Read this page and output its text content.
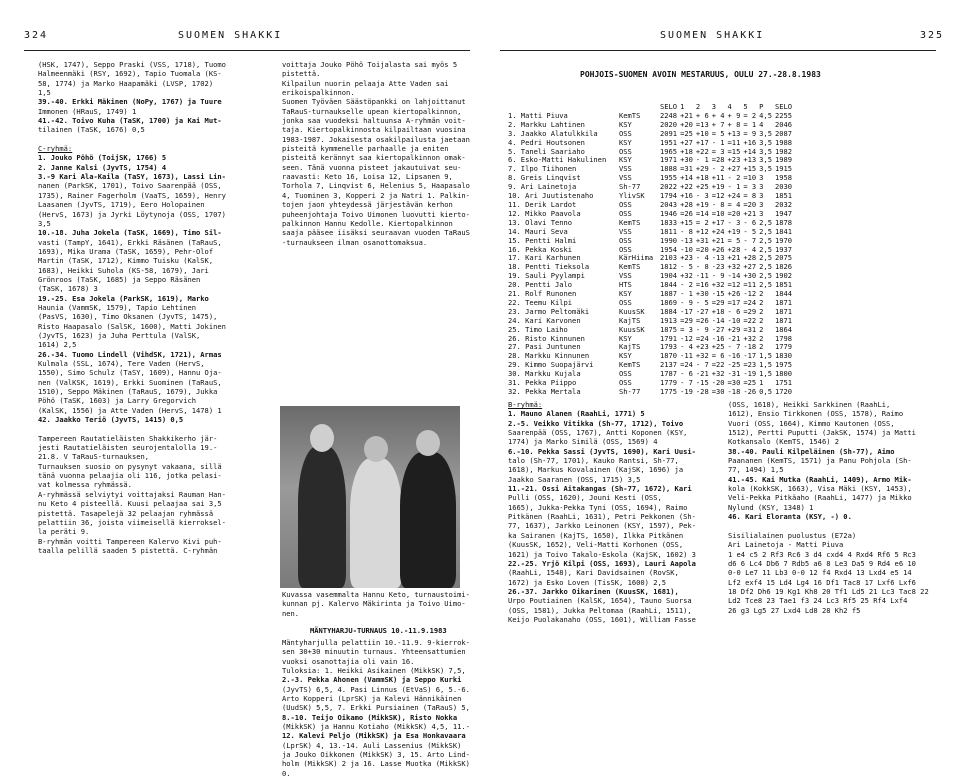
324	SUOMEN SHAKKI	SUOMEN SHAKKI	325

(HSK, 1747), Seppo Praski (VSS, 1718), Tuomo

Halmeenmäki (RSY, 1692), Tapio Tuomala (KS-

58, 1774) ja Marko Haapamäki (LVSP, 1702)

1,5

39.-40. Erkki Mäkinen (NoPy, 1767) ja Tuure

Immonen (HRauS, 1749) 1

41.-42. Toivo Kuha (TaSK, 1700) ja Kai Mut-

tilainen (TaSK, 1676) 0,5

C-ryhmä:

1. Jouko Pöhö (ToijSK, 1766) 5

2. Janne Kalsi (JyvTS, 1754) 4

3.-9 Kari Ala-Kaila (TaSY, 1673), Lassi Lin-

nanen (ParkSK, 1701), Toivo Saarenpää (OSS,

1735), Rainer Fagerholm (VaaTS, 1659), Henry

Laasanen (JyvTS, 1719), Eero Holopainen

(HervS, 1673) ja Jyrki Löytynoja (OSS, 1707)

3,5

10.-18. Juha Jokela (TaSK, 1669), Timo Sil-

vasti (TampY, 1641), Erkki Räsänen (TaRauS,

1693), Mika Urama (TaSK, 1659), Pehr-Olof

Martin (TaSK, 1712), Kimmo Tuisku (KalSK,

1683), Heikki Suhola (KS-58, 1679), Jari

Grönroos (TaSK, 1685) ja Seppo Räsänen

(TaSK, 1678) 3

19.-25. Esa Jokela (ParkSK, 1619), Marko

Haunia (VammSK, 1579), Tapio Lehtinen

(PasVS, 1630), Timo Oksanen (JyvTS, 1475),

Risto Haapasalo (SalSK, 1600), Matti Jokinen

(JyvTS, 1623) ja Juha Perttula (ValSK,

1614) 2,5

26.-34. Tuomo Lindell (VihdSK, 1721), Armas

Kulmala (SSL, 1674), Tere Vaden (HervS,

1550), Simo Schulz (TaSY, 1609), Hannu Oja-

nen (ValKSK, 1619), Erkki Suominen (TaRauS,

1510), Seppo Mäkinen (TaRauS, 1679), Jukka

Pöhö (TaSK, 1603) ja Larry Gregorvich

(KalSK, 1556) ja Atte Vaden (HervS, 1478) 1

42. Jaakko Teriö (JyvTS, 1415) 0,5

Tampereen Rautatieläisten Shakkikerho jär-

jesti Rautatieläisten seurojentalolla 19.-

21.8. V TaRauS-turnauksen,

Turnauksen suosio on pysynyt vakaana, sillä

tänä vuonna pelaajia oli 116, jotka pelasi-

vat kolmessa ryhmässä.

A-ryhmässä selviytyi voittajaksi Rauman Han-

nu Keto 4 pisteellä. Kuusi pelaajaa sai 3,5

pistettä. Tasapelejä 32 pelaajan ryhmässä

pelattiin 36, joista viimeisellä kierroksel-

la peräti 9.

B-ryhmän voitti Tampereen Kalervo Kivi puh-

taalla pelillä saaden 5 pistettä. C-ryhmän

voittaja Jouko Pöhö Toijalasta sai myös 5

pistettä.

Kilpailun nuorin pelaaja Atte Vaden sai

erikoispalkinnon.

Suomen Työväen Säästöpankki on lahjoittanut

TaRauS-turnaukselle upean kiertopalkinnon,

jonka saa vuodeksi haltuunsa A-ryhmän voit-

taja. Kiertopalkinnosta kilpailtaan vuosina

1983-1987. Jokaisesta osakilpailusta jaetaan

pisteitä kymmenelle parhaalle ja eniten

pisteitä kerännyt saa kiertopalkinnon omak-

seen. Tänä vuonna pisteet jakautuivat seu-

raavasti: Keto 16, Loisa 12, Lipsanen 9,

Torhola 7, Linqvist 6, Helenius 5, Haapasalo

4, Tuominen 3, Kopperi 2 ja Natri 1. Palkin-

tojen jaon yhteydessä järjestävän kerhon

puheenjohtaja Toivo Uimonen luovutti kierto-

palkinnon Hannu Kedolle. Kiertopalkinnon

saaja pääsee iisäksi seuraavan vuoden TaRauS

-turnaukseen ilman osanottomaksua.

Kuvassa vasemmalta Hannu Keto, turnaustoimi-

kunnan pj. Kalervo Mäkirinta ja Toivo Uimo-

nen.

MÄNTYHARJU-TURNAUS 10.-11.9.1983

Mäntyharjulla pelattiin 10.-11.9. 9-kierrok-

sen 30+30 minuutin turnaus. Yhteensattumien

vuoksi osanottajia oli vain 16.

Tuloksia: 1. Heikki Asikainen (MikkSK) 7,5,

2.-3. Pekka Ahonen (VammSK) ja Seppo Kurki

(JyvTS) 6,5, 4. Pasi Linnus (EtVaS) 6, 5.-6.

Arto Kopperi (LprSK) ja Kalevi Hännikäinen

(UudSK) 5,5, 7. Erkki Pursiainen (TaRauS) 5,

8.-10. Teijo Oikamo (MikkSK), Risto Nokka

(MikkSK) ja Hannu Kotiaho (MikkSK) 4,5, 11.-

12. Kalevi Peljo (MikkSK) ja Esa Honkavaara

(LprSK) 4, 13.-14. Auli Lassenius (MikkSK)

ja Jouko Oikkonen (MikkSK) 3, 15. Arto Lind-

holm (MikkSK) 2 ja 16. Lasse Muotka (MikkSK)

0.

POHJOIS-SUOMEN AVOIN MESTARUUS, OULU 27.-28.8.1983
		SELO	1	2	3	4	5	P	SELO
1. Matti Piuva	KemTS	2248	+21	+ 6	+ 4	+ 9	= 2	4,5	2255
2. Markku Lahtinen	KSY	2020	+20	=13	+ 7	+ 8	= 1	4	2046
3. Jaakko Alatulkkila	OSS	2091	=25	+10	= 5	+13	= 9	3,5	2087
4. Pedri Houtsonen	KSY	1951	+27	+17	- 1	=11	+16	3,5	1988
5. Taneli Saariaho	OSS	1965	+18	+22	= 3	=15	+14	3,5	1982
6. Esko-Matti Hakulinen	KSY	1971	+30	- 1	=28	+23	+13	3,5	1989
7. Ilpo Tiihonen	VSS	1888	=31	+29	- 2	+27	+15	3,5	1915
8. Greis Linqvist	VSS	1955	+14	+18	+11	- 2	=10	3	1958
9. Ari Lainetoja	Sh-77	2022	+22	+25	+19	- 1	= 3	3	2030
10. Ari Juutistenaho	YlivSK	1794	+16	- 3	=12	+24	= 8	3	1851
11. Derik Lardot	OSS	2043	+28	+19	- 8	= 4	=20	3	2032
12. Mikko Paavola	OSS	1946	=26	=14	=10	=20	+21	3	1947
13. Olavi Tenno	KemTS	1833	+15	= 2	+17	- 3	- 6	2,5	1878
14. Mauri Seva	VSS	1811	- 8	+12	+24	+19	- 5	2,5	1841
15. Pentti Halmi	OSS	1990	-13	+31	+21	= 5	- 7	2,5	1970
16. Pekka Koski	OSS	1954	-10	=20	+26	+28	- 4	2,5	1937
17. Kari Karhunen	KärHiima	2103	+23	- 4	-13	+21	+28	2,5	2075
18. Pentti Tieksola	KemTS	1812	- 5	- 8	-23	+32	+27	2,5	1826
19. Sauli Pyylampi	VSS	1904	+32	-11	- 9	-14	+30	2,5	1902
20. Pentti Jalo	HTS	1844	- 2	=16	+32	=12	=11	2,5	1851
21. Rolf Runonen	KSY	1887	- 1	+30	-15	+26	-12	2	1844
22. Teemu Kilpi	OSS	1869	- 9	- 5	=29	=17	=24	2	1871
23. Jarmo Peltomäki	KuusSK	1884	-17	-27	+18	- 6	=29	2	1871
24. Kari Karvonen	KajTS	1913	=29	=26	-14	-10	=22	2	1871
25. Timo Laiho	KuusSK	1875	= 3	- 9	-27	+29	=31	2	1864
26. Risto Kinnunen	KSY	1791	-12	=24	-16	-21	+32	2	1798
27. Pasi Juntunen	KajTS	1793	- 4	+23	+25	- 7	-18	2	1779
28. Markku Kinnunen	KSY	1870	-11	+32	= 6	-16	-17	1,5	1830
29. Kimmo Suopajärvi	KemTS	2137	=24	- 7	=22	-25	=23	1,5	1975
30. Markku Kujala	OSS	1787	- 6	-21	+32	-31	-19	1,5	1800
31. Pekka Piippo	OSS	1779	- 7	-15	-20	=30	=25	1	1751
32. Pekka Mertala	Sh-77	1775	-19	-28	=30	-18	-26	0,5	1720

B-ryhmä:

1. Mauno Alanen (RaahLi, 1771) 5

2.-5. Veikko Vitikka (Sh-77, 1712), Toivo

Saarenpää (OSS, 1767), Antti Koponen (KSY,

1774) ja Marko Similä (OSS, 1569) 4

6.-10. Pekka Sassi (JyvTS, 1690), Kari Uusi-

talo (Sh-77, 1701), Kauko Rantsi, Sh-77,

1618), Markus Kovalainen (KajSK, 1696) ja

Jaakko Saaranen (OSS, 1715) 3,5

11.-21. Ossi Aitakangas (Sh-77, 1672), Kari

Pulli (OSS, 1620), Jouni Kesti (OSS,

1665), Jukka-Pekka Tyni (OSS, 1694), Raimo

Pitkänen (RaahLi, 1631), Petri Pekkonen (Sh-

77, 1637), Jarkko Leinonen (KSY, 1597), Pek-

ka Sairanen (KajTS, 1650), Ilkka Pitkänen

(KuusSK, 1652), Veli-Matti Korhonen (OSS,

1621) ja Toivo Takalo-Eskola (KajSK, 1602) 3

22.-25. Yrjö Kilpi (OSS, 1693), Lauri Aapola

(RaahLi, 1548), Kari Davidsainen (RovSK,

1672) ja Esko Loven (TisSK, 1600) 2,5

26.-37. Jarkko Oikarinen (KuusSK, 1681),

Urpo Poutiainen (KalSK, 1654), Tauno Suorsa

(OSS, 1581), Jukka Peltomaa (RaahLi, 1511),

Keijo Puolakanaho (OSS, 1601), William Fasse

(OSS, 1618), Heikki Sarkkinen (RaahLi,

1612), Ensio Tirkkonen (OSS, 1578), Raimo

Vuori (OSS, 1664), Kimmo Kautonen (OSS,

1512), Pertti Puputti (JakSK, 1574) ja Matti

Kotkansalo (KemTS, 1546) 2

38.-40. Pauli Kilpeläinen (Sh-77), Aimo

Paananen (KemTS, 1571) ja Panu Pohjola (Sh-

77, 1494) 1,5

41.-45. Kai Mutka (RaahLi, 1409), Armo Mik-

kola (KokkSK, 1663), Visa Mäki (KSY, 1453),

Veli-Pekka Pitkäaho (RaahLi, 1477) ja Mikko

Nylund (KSY, 1348) 1

46. Kari Eloranta (KSY, -) 0.

Sisilialainen puolustus (E72a)

Ari Lainetoja - Matti Piuva

1 e4 c5 2 Rf3 Rc6 3 d4 cxd4 4 Rxd4 Rf6 5 Rc3

d6 6 Lc4 Db6 7 Rdb5 a6 8 Le3 Da5 9 Rd4 e6 10

0-0 Le7 11 Lb3 0-0 12 f4 Rxd4 13 Lxd4 e5 14

Lf2 exf4 15 Ld4 Lg4 16 Df1 Tac8 17 Lxf6 Lxf6

18 Df2 Dh6 19 Kg1 Kh8 20 Tf1 Ld5 21 Lc3 Tac8 22

Ld2 Tce8 23 Tae1 f3 24 Lc3 Rf5 25 Rf4 Lxf4

26 g3 Lg5 27 Lxd4 Ld8 28 Kh2 f5
